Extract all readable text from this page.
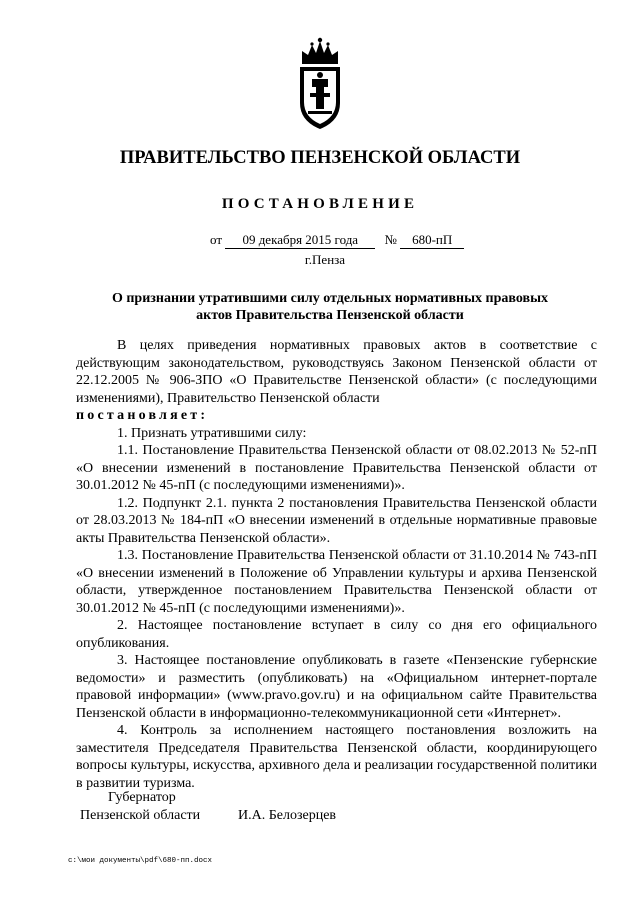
ПРАВИТЕЛЬСТВО ПЕНЗЕНСКОЙ ОБЛАСТИ
ПОСТАНОВЛЕНИЕ
от 09 декабря 2015 года № 680-пП
г.Пенза
О признании утратившими силу отдельных нормативных правовых актов Правительства Пензенской области

В целях приведения нормативных правовых актов в соответствие с действующим законодательством, руководствуясь Законом Пензенской области от 22.12.2005 № 906-ЗПО «О Правительстве Пензенской области» (с последующими изменениями), Правительство Пензенской области

постановляет:

1. Признать утратившими силу:

1.1. Постановление Правительства Пензенской области от 08.02.2013 № 52-пП «О внесении изменений в постановление Правительства Пензенской области от 30.01.2012 № 45-пП (с последующими изменениями)».

1.2. Подпункт 2.1. пункта 2 постановления Правительства Пензенской области от 28.03.2013 № 184-пП «О внесении изменений в отдельные нормативные правовые акты Правительства Пензенской области».

1.3. Постановление Правительства Пензенской области от 31.10.2014 № 743-пП «О внесении изменений в Положение об Управлении культуры и архива Пензенской области, утвержденное постановлением Правительства Пензенской области от 30.01.2012 № 45-пП (с последующими изменениями)».

2. Настоящее постановление вступает в силу со дня его официального опубликования.

3. Настоящее постановление опубликовать в газете «Пензенские губернские ведомости» и разместить (опубликовать) на «Официальном интернет-портале правовой информации» (www.pravo.gov.ru) и на официальном сайте Правительства Пензенской области в информационно-телекоммуникационной сети «Интернет».

4. Контроль за исполнением настоящего постановления возложить на заместителя Председателя Правительства Пензенской области, координирующего вопросы культуры, искусства, архивного дела и реализации государственной политики в развитии туризма.

Губернатор
Пензенской области	И.А. Белозерцев
c:\мои документы\pdf\680-пп.docx
